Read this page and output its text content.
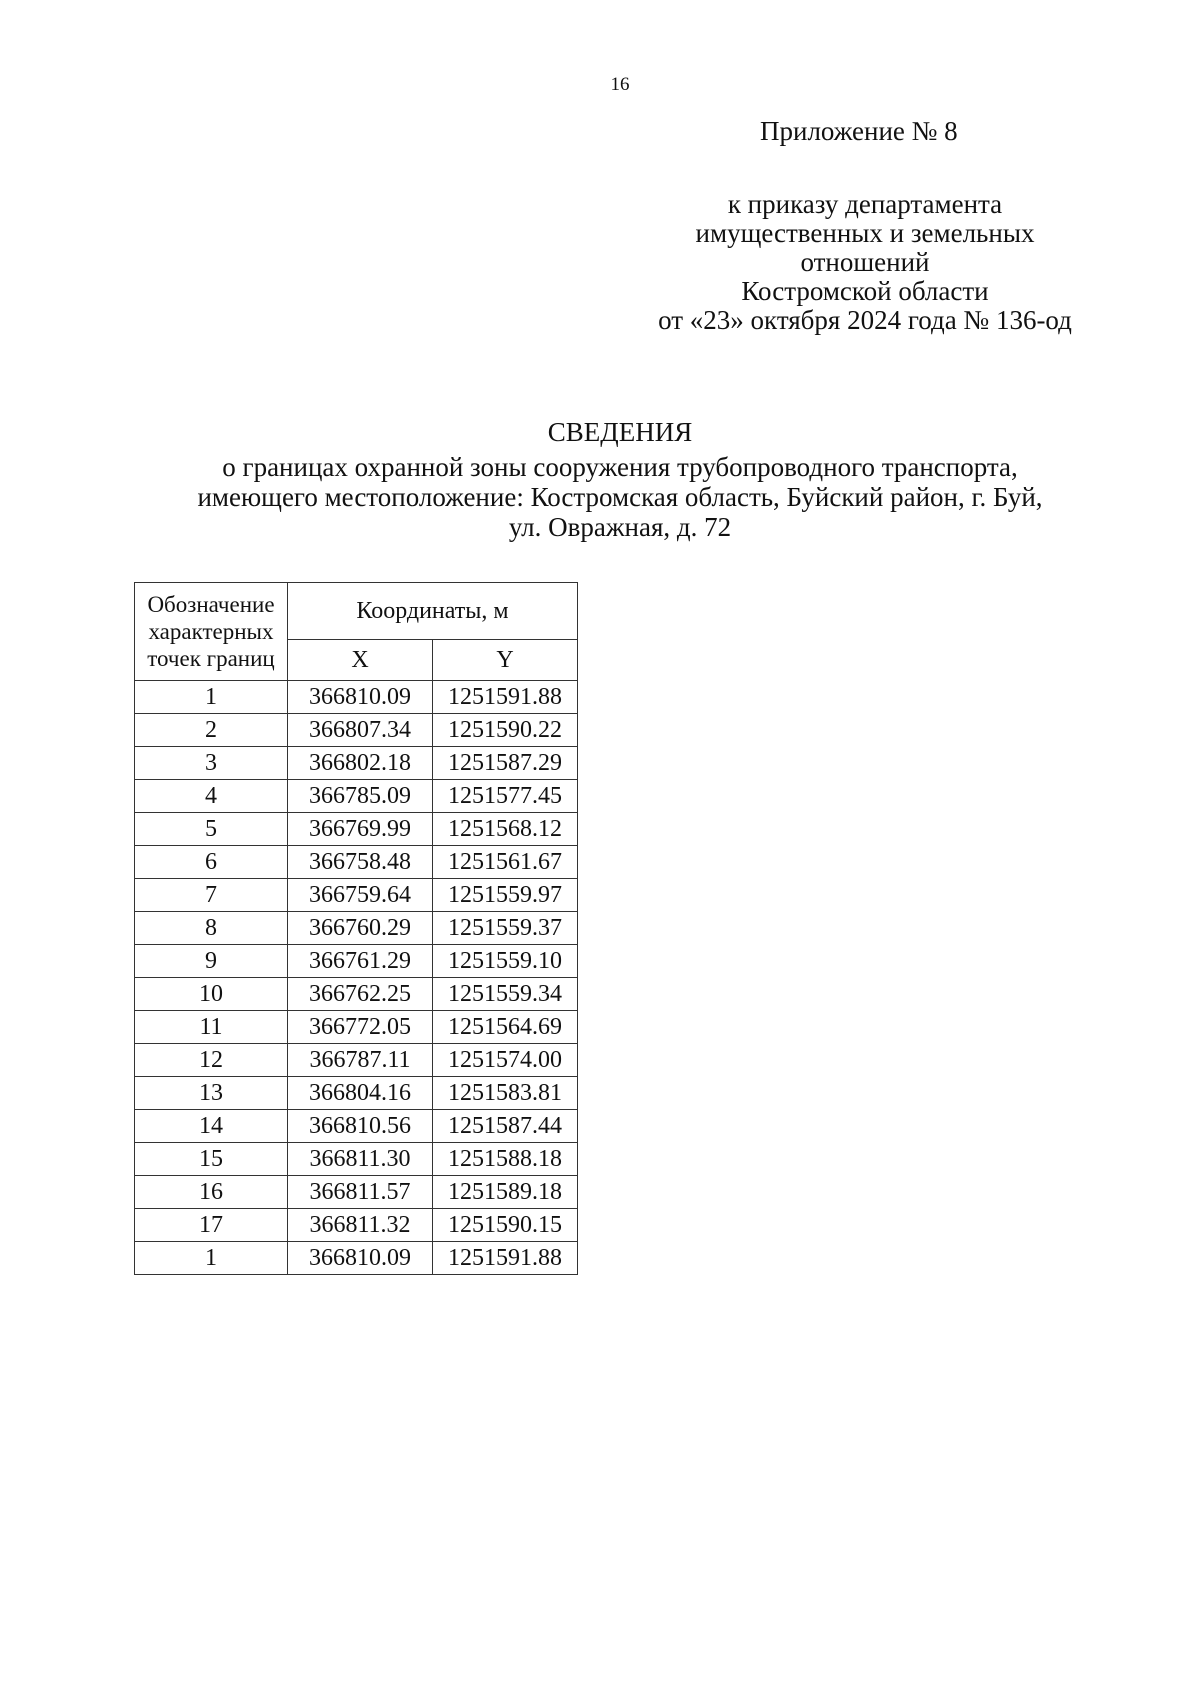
16
Приложение № 8
к приказу департамента
имущественных и земельных
отношений
Костромской области
от «23» октября 2024 года № 136-од
СВЕДЕНИЯ
о границах охранной зоны сооружения трубопроводного транспорта,
имеющего местоположение: Костромская область, Буйский район, г. Буй,
ул. Овражная, д. 72
Обозначение
характерных
точек границ	Координаты, м	
	X	Y
1	366810.09	1251591.88
2	366807.34	1251590.22
3	366802.18	1251587.29
4	366785.09	1251577.45
5	366769.99	1251568.12
6	366758.48	1251561.67
7	366759.64	1251559.97
8	366760.29	1251559.37
9	366761.29	1251559.10
10	366762.25	1251559.34
11	366772.05	1251564.69
12	366787.11	1251574.00
13	366804.16	1251583.81
14	366810.56	1251587.44
15	366811.30	1251588.18
16	366811.57	1251589.18
17	366811.32	1251590.15
1	366810.09	1251591.88
